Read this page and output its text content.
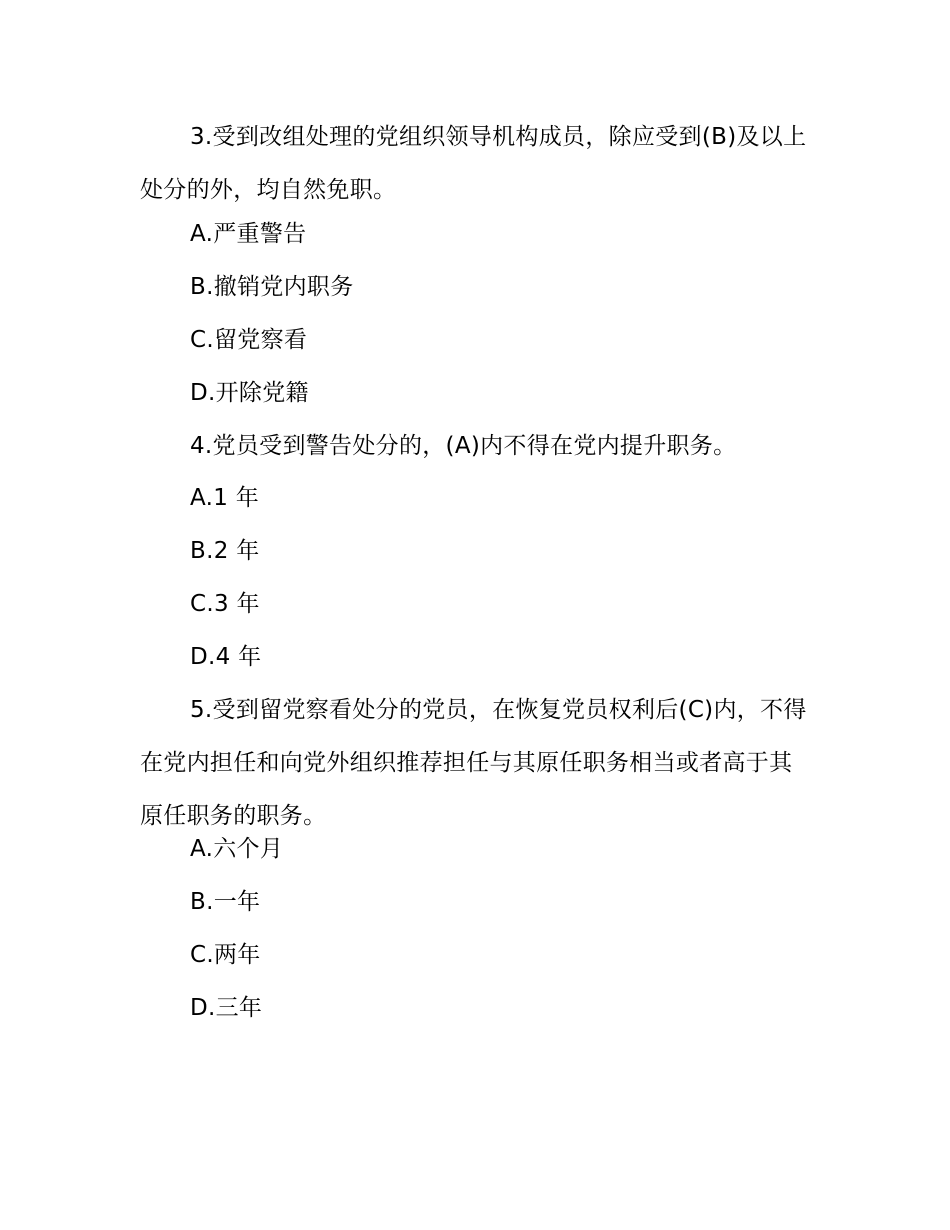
3.受到改组处理的党组织领导机构成员，除应受到(B)及以上处分的外，均自然免职。

A.严重警告

B.撤销党内职务

C.留党察看

D.开除党籍

4.党员受到警告处分的，(A)内不得在党内提升职务。

A.1 年

B.2 年

C.3 年

D.4 年

5.受到留党察看处分的党员，在恢复党员权利后(C)内，不得在党内担任和向党外组织推荐担任与其原任职务相当或者高于其原任职务的职务。

A.六个月

B.一年

C.两年

D.三年
